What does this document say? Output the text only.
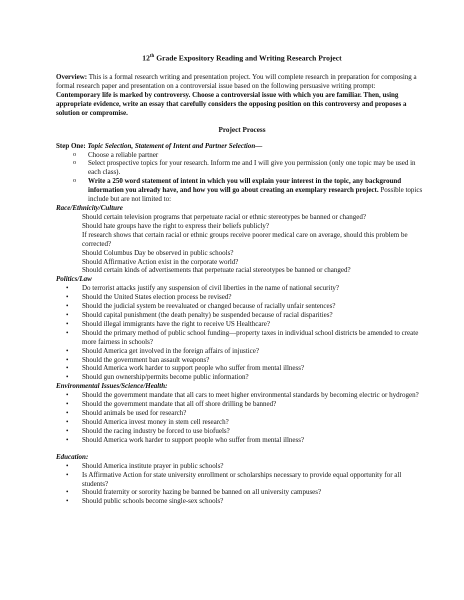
12th Grade Expository Reading and Writing Research Project

Overview: This is a formal research writing and presentation project. You will complete research in preparation for composing a formal research paper and presentation on a controversial issue based on the following persuasive writing prompt:

Contemporary life is marked by controversy. Choose a controversial issue with which you are familiar. Then, using appropriate evidence, write an essay that carefully considers the opposing position on this controversy and proposes a solution or compromise.

Project Process

Step One: Topic Selection, Statement of Intent and Partner Selection—

o Choose a reliable partner
o Select prospective topics for your research. Inform me and I will give you permission (only one topic may be used in each class).
o Write a 250 word statement of intent in which you will explain your interest in the topic, any background information you already have, and how you will go about creating an exemplary research project. Possible topics include but are not limited to:

Race/Ethnicity/Culture

Should certain television programs that perpetuate racial or ethnic stereotypes be banned or changed?
Should hate groups have the right to express their beliefs publicly?
If research shows that certain racial or ethnic groups receive poorer medical care on average, should this problem be corrected?
Should Columbus Day be observed in public schools?
Should Affirmative Action exist in the corporate world?
Should certain kinds of advertisements that perpetuate racial stereotypes be banned or changed?

Politics/Law

• Do terrorist attacks justify any suspension of civil liberties in the name of national security?
• Should the United States election process be revised?
• Should the judicial system be reevaluated or changed because of racially unfair sentences?
• Should capital punishment (the death penalty) be suspended because of racial disparities?
• Should illegal immigrants have the right to receive US Healthcare?
• Should the primary method of public school funding—property taxes in individual school districts be amended to create more fairness in schools?
• Should America get involved in the foreign affairs of injustice?
• Should the government ban assault weapons?
• Should America work harder to support people who suffer from mental illness?
• Should gun ownership/permits become public information?

Environmental Issues/Science/Health:

• Should the government mandate that all cars to meet higher environmental standards by becoming electric or hydrogen?
• Should the government mandate that all off shore drilling be banned?
• Should animals be used for research?
• Should America invest money in stem cell research?
• Should the racing industry be forced to use biofuels?
• Should America work harder to support people who suffer from mental illness?

Education:

• Should America institute prayer in public schools?
• Is Affirmative Action for state university enrollment or scholarships necessary to provide equal opportunity for all students?
• Should fraternity or sorority hazing be banned be banned on all university campuses?
• Should public schools become single-sex schools?
